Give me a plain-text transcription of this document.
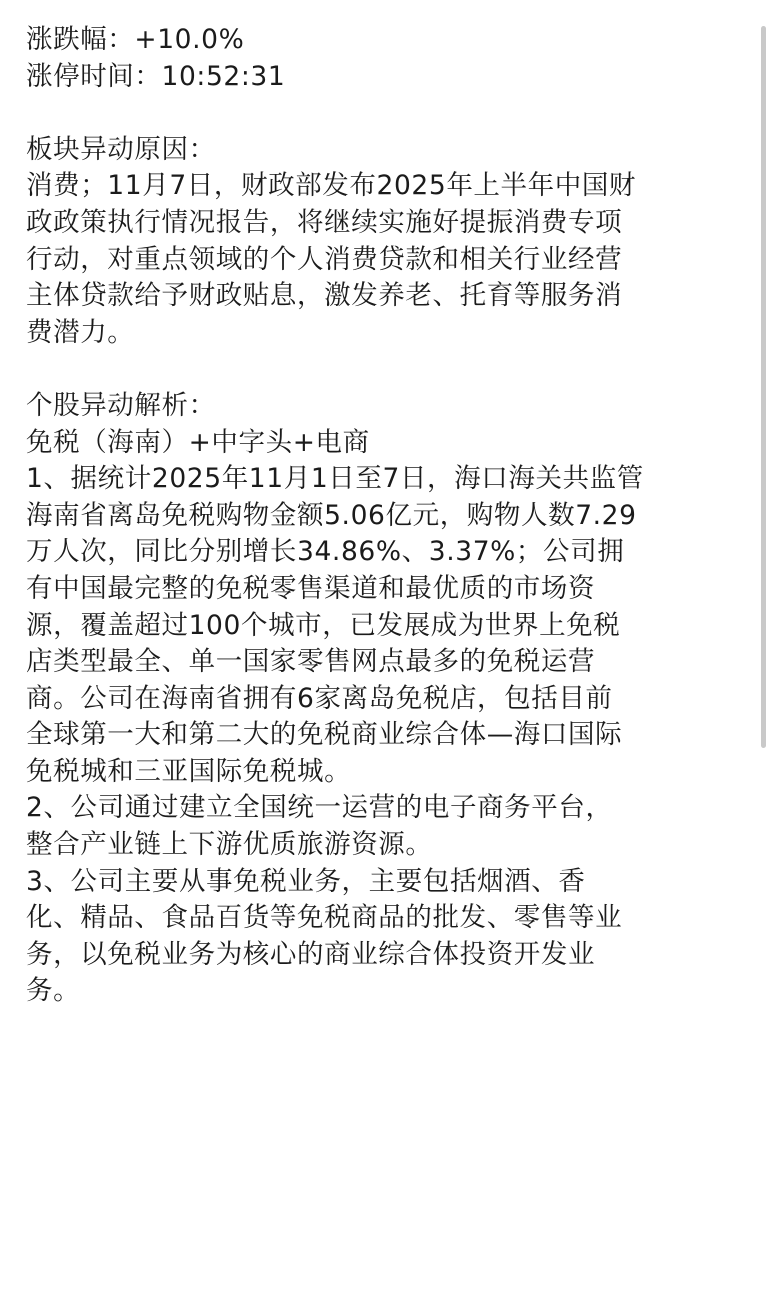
涨跌幅：+10.0%
涨停时间：10:52:31
板块异动原因：
消费；11月7日，财政部发布2025年上半年中国财
政政策执行情况报告，将继续实施好提振消费专项
行动，对重点领域的个人消费贷款和相关行业经营
主体贷款给予财政贴息，激发养老、托育等服务消
费潜力。
个股异动解析：
免税（海南）+中字头+电商
1、据统计2025年11月1日至7日，海口海关共监管
海南省离岛免税购物金额5.06亿元，购物人数7.29
万人次，同比分别增长34.86%、3.37%；公司拥
有中国最完整的免税零售渠道和最优质的市场资
源，覆盖超过100个城市，已发展成为世界上免税
店类型最全、单一国家零售网点最多的免税运营
商。公司在海南省拥有6家离岛免税店，包括目前
全球第一大和第二大的免税商业综合体—海口国际
免税城和三亚国际免税城。
2、公司通过建立全国统一运营的电子商务平台，
整合产业链上下游优质旅游资源。
3、公司主要从事免税业务，主要包括烟酒、香
化、精品、食品百货等免税商品的批发、零售等业
务，以免税业务为核心的商业综合体投资开发业
务。
